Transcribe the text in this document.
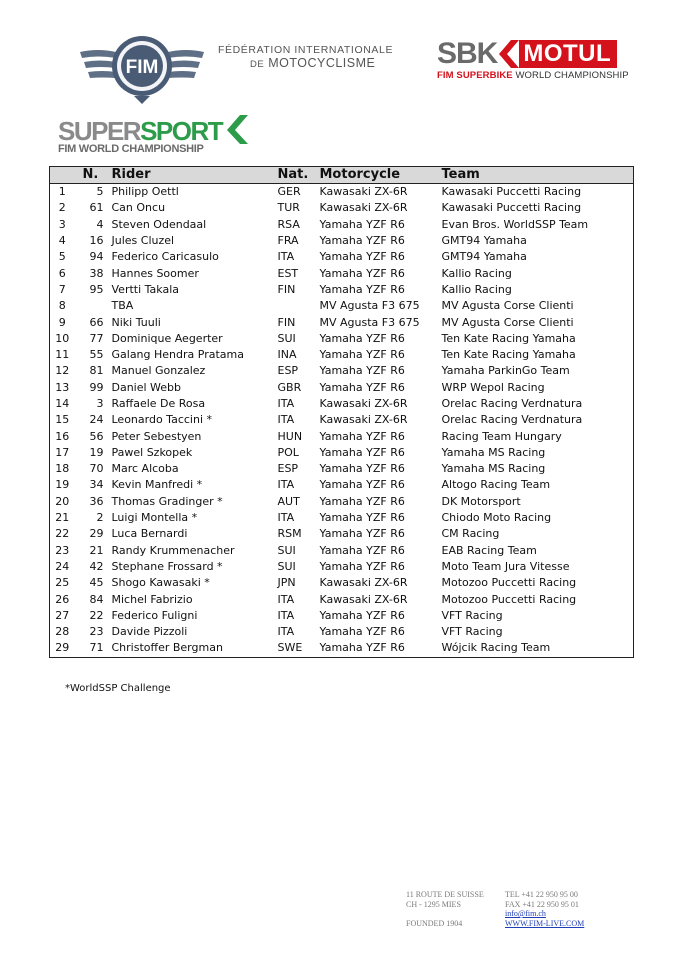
FIM
FÉDÉRATION INTERNATIONALE
DE MOTOCYCLISME	SBK MOTUL
FIM SUPERBIKE WORLD CHAMPIONSHIP
SUPER SPORT
FIM WORLD CHAMPIONSHIP
	N.	Rider	Nat.	Motorcycle	Team
1	5	Philipp Oettl	GER	Kawasaki ZX-6R	Kawasaki Puccetti Racing
2	61	Can Oncu	TUR	Kawasaki ZX-6R	Kawasaki Puccetti Racing
3	4	Steven Odendaal	RSA	Yamaha YZF R6	Evan Bros. WorldSSP Team
4	16	Jules Cluzel	FRA	Yamaha YZF R6	GMT94 Yamaha
5	94	Federico Caricasulo	ITA	Yamaha YZF R6	GMT94 Yamaha
6	38	Hannes Soomer	EST	Yamaha YZF R6	Kallio Racing
7	95	Vertti Takala	FIN	Yamaha YZF R6	Kallio Racing
8		TBA		MV Agusta F3 675	MV Agusta Corse Clienti
9	66	Niki Tuuli	FIN	MV Agusta F3 675	MV Agusta Corse Clienti
10	77	Dominique Aegerter	SUI	Yamaha YZF R6	Ten Kate Racing Yamaha
11	55	Galang Hendra Pratama	INA	Yamaha YZF R6	Ten Kate Racing Yamaha
12	81	Manuel Gonzalez	ESP	Yamaha YZF R6	Yamaha ParkinGo Team
13	99	Daniel Webb	GBR	Yamaha YZF R6	WRP Wepol Racing
14	3	Raffaele De Rosa	ITA	Kawasaki ZX-6R	Orelac Racing Verdnatura
15	24	Leonardo Taccini *	ITA	Kawasaki ZX-6R	Orelac Racing Verdnatura
16	56	Peter Sebestyen	HUN	Yamaha YZF R6	Racing Team Hungary
17	19	Pawel Szkopek	POL	Yamaha YZF R6	Yamaha MS Racing
18	70	Marc Alcoba	ESP	Yamaha YZF R6	Yamaha MS Racing
19	34	Kevin Manfredi *	ITA	Yamaha YZF R6	Altogo Racing Team
20	36	Thomas Gradinger *	AUT	Yamaha YZF R6	DK Motorsport
21	2	Luigi Montella *	ITA	Yamaha YZF R6	Chiodo Moto Racing
22	29	Luca Bernardi	RSM	Yamaha YZF R6	CM Racing
23	21	Randy Krummenacher	SUI	Yamaha YZF R6	EAB Racing Team
24	42	Stephane Frossard *	SUI	Yamaha YZF R6	Moto Team Jura Vitesse
25	45	Shogo Kawasaki *	JPN	Kawasaki ZX-6R	Motozoo Puccetti Racing
26	84	Michel Fabrizio	ITA	Kawasaki ZX-6R	Motozoo Puccetti Racing
27	22	Federico Fuligni	ITA	Yamaha YZF R6	VFT Racing
28	23	Davide Pizzoli	ITA	Yamaha YZF R6	VFT Racing
29	71	Christoffer Bergman	SWE	Yamaha YZF R6	Wójcik Racing Team
*WorldSSP Challenge
11 ROUTE DE SUISSE
CH - 1295 MIES
FOUNDED 1904
TEL +41 22 950 95 00
FAX +41 22 950 95 01
info@fim.ch
WWW.FIM-LIVE.COM
